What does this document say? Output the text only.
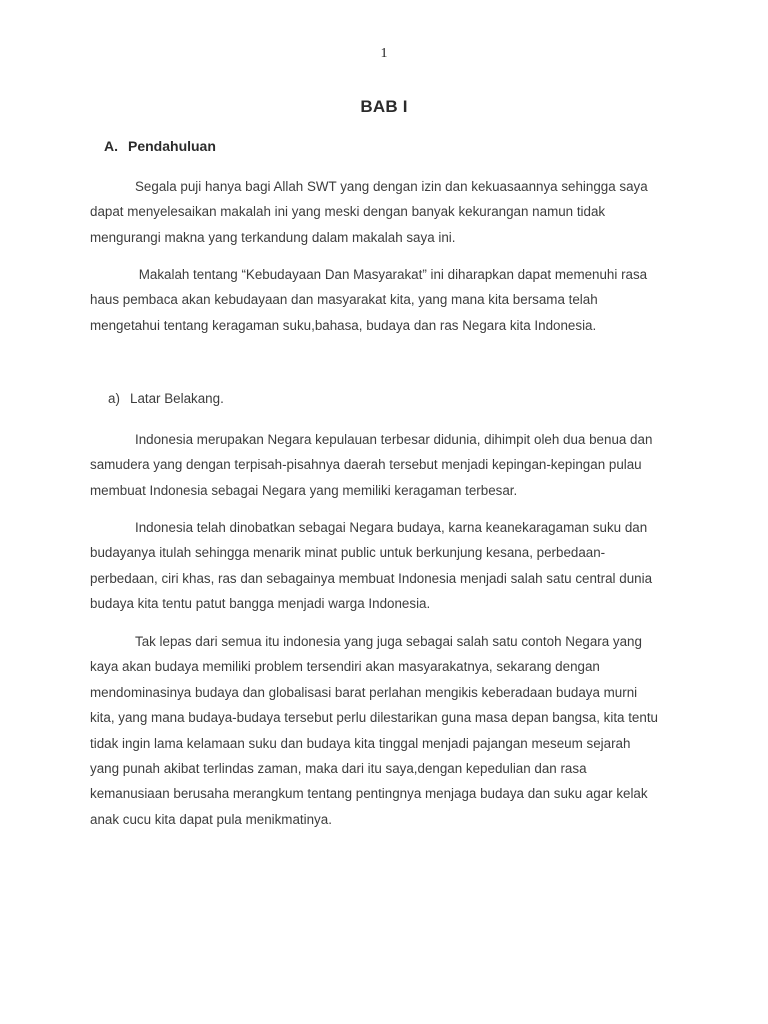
1
BAB I
A. Pendahuluan

Segala puji hanya bagi Allah SWT yang dengan izin dan kekuasaannya sehingga saya
dapat menyelesaikan makalah ini yang meski dengan banyak kekurangan namun tidak
mengurangi makna yang terkandung dalam makalah saya ini.

Makalah tentang “Kebudayaan Dan Masyarakat” ini diharapkan dapat memenuhi rasa
haus pembaca akan kebudayaan dan masyarakat kita, yang mana kita bersama telah
mengetahui tentang keragaman suku,bahasa, budaya dan ras Negara kita Indonesia.

a) Latar Belakang.

Indonesia merupakan Negara kepulauan terbesar didunia, dihimpit oleh dua benua dan
samudera yang dengan terpisah-pisahnya daerah tersebut menjadi kepingan-kepingan pulau
membuat Indonesia sebagai Negara yang memiliki keragaman terbesar.

Indonesia telah dinobatkan sebagai Negara budaya, karna keanekaragaman suku dan
budayanya itulah sehingga menarik minat public untuk berkunjung kesana, perbedaan-
perbedaan, ciri khas, ras dan sebagainya membuat Indonesia menjadi salah satu central dunia
budaya kita tentu patut bangga menjadi warga Indonesia.

Tak lepas dari semua itu indonesia yang juga sebagai salah satu contoh Negara yang
kaya akan budaya memiliki problem tersendiri akan masyarakatnya, sekarang dengan
mendominasinya budaya dan globalisasi barat perlahan mengikis keberadaan budaya murni
kita, yang mana budaya-budaya tersebut perlu dilestarikan guna masa depan bangsa, kita tentu
tidak ingin lama kelamaan suku dan budaya kita tinggal menjadi pajangan meseum sejarah
yang punah akibat terlindas zaman, maka dari itu saya,dengan kepedulian dan rasa
kemanusiaan berusaha merangkum tentang pentingnya menjaga budaya dan suku agar kelak
anak cucu kita dapat pula menikmatinya.
